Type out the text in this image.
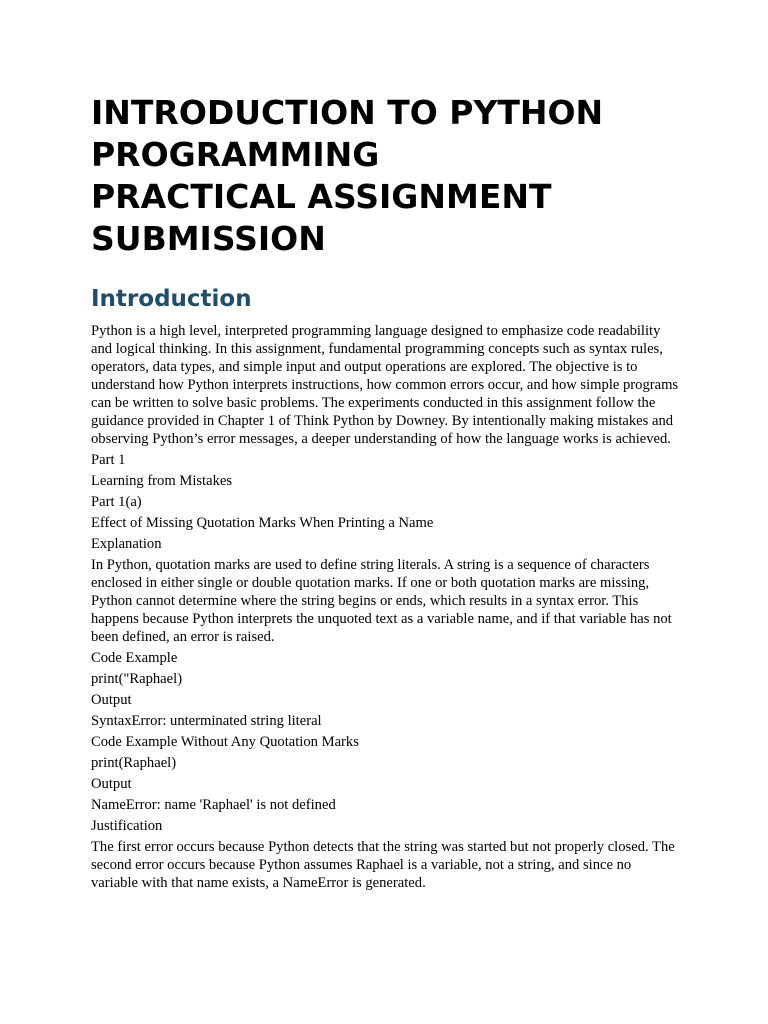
INTRODUCTION TO PYTHON
PROGRAMMING
PRACTICAL ASSIGNMENT
SUBMISSION
Introduction

Python is a high level, interpreted programming language designed to emphasize code readability and logical thinking. In this assignment, fundamental programming concepts such as syntax rules, operators, data types, and simple input and output operations are explored. The objective is to understand how Python interprets instructions, how common errors occur, and how simple programs can be written to solve basic problems. The experiments conducted in this assignment follow the guidance provided in Chapter 1 of Think Python by Downey. By intentionally making mistakes and observing Python’s error messages, a deeper understanding of how the language works is achieved.

Part 1

Learning from Mistakes

Part 1(a)

Effect of Missing Quotation Marks When Printing a Name

Explanation

In Python, quotation marks are used to define string literals. A string is a sequence of characters enclosed in either single or double quotation marks. If one or both quotation marks are missing, Python cannot determine where the string begins or ends, which results in a syntax error. This happens because Python interprets the unquoted text as a variable name, and if that variable has not been defined, an error is raised.

Code Example

print("Raphael)

Output

SyntaxError: unterminated string literal

Code Example Without Any Quotation Marks

print(Raphael)

Output

NameError: name 'Raphael' is not defined

Justification

The first error occurs because Python detects that the string was started but not properly closed. The second error occurs because Python assumes Raphael is a variable, not a string, and since no variable with that name exists, a NameError is generated.
